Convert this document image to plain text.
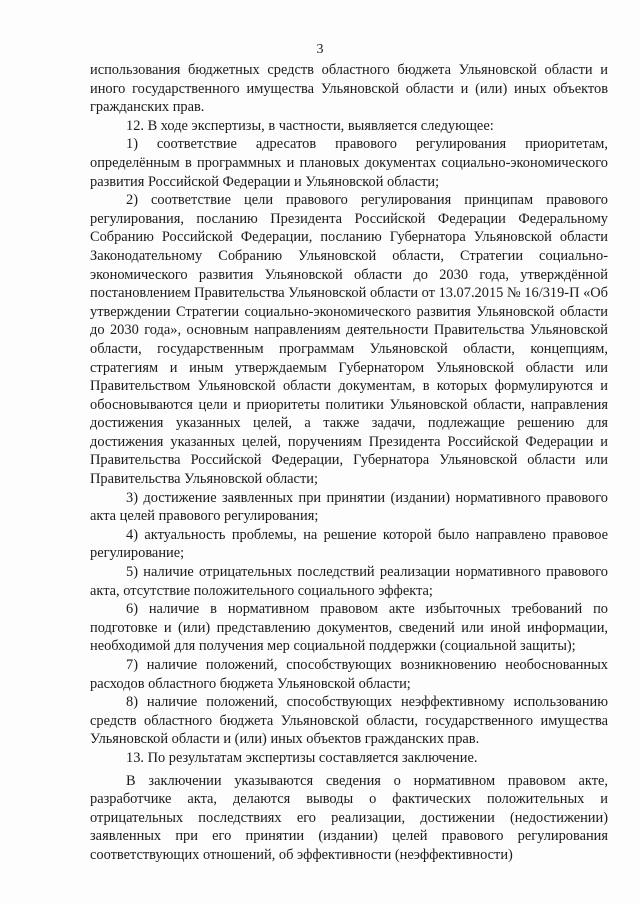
3

использования бюджетных средств областного бюджета Ульяновской области и иного государственного имущества Ульяновской области и (или) иных объектов гражданских прав.

12. В ходе экспертизы, в частности, выявляется следующее:

1) соответствие адресатов правового регулирования приоритетам, определённым в программных и плановых документах социально-экономического развития Российской Федерации и Ульяновской области;

2) соответствие цели правового регулирования принципам правового регулирования, посланию Президента Российской Федерации Федеральному Собранию Российской Федерации, посланию Губернатора Ульяновской области Законодательному Собранию Ульяновской области, Стратегии социально-экономического развития Ульяновской области до 2030 года, утверждённой постановлением Правительства Ульяновской области от 13.07.2015 № 16/319-П «Об утверждении Стратегии социально-экономического развития Ульяновской области до 2030 года», основным направлениям деятельности Правительства Ульяновской области, государственным программам Ульяновской области, концепциям, стратегиям и иным утверждаемым Губернатором Ульяновской области или Правительством Ульяновской области документам, в которых формулируются и обосновываются цели и приоритеты политики Ульяновской области, направления достижения указанных целей, а также задачи, подлежащие решению для достижения указанных целей, поручениям Президента Российской Федерации и Правительства Российской Федерации, Губернатора Ульяновской области или Правительства Ульяновской области;

3) достижение заявленных при принятии (издании) нормативного правового акта целей правового регулирования;

4) актуальность проблемы, на решение которой было направлено правовое регулирование;

5) наличие отрицательных последствий реализации нормативного правового акта, отсутствие положительного социального эффекта;

6) наличие в нормативном правовом акте избыточных требований по подготовке и (или) представлению документов, сведений или иной информации, необходимой для получения мер социальной поддержки (социальной защиты);

7) наличие положений, способствующих возникновению необоснованных расходов областного бюджета Ульяновской области;

8) наличие положений, способствующих неэффективному использованию средств областного бюджета Ульяновской области, государственного имущества Ульяновской области и (или) иных объектов гражданских прав.

13. По результатам экспертизы составляется заключение.

В заключении указываются сведения о нормативном правовом акте, разработчике акта, делаются выводы о фактических положительных и отрицательных последствиях его реализации, достижении (недостижении) заявленных при его принятии (издании) целей правового регулирования соответствующих отношений, об эффективности (неэффективности)
